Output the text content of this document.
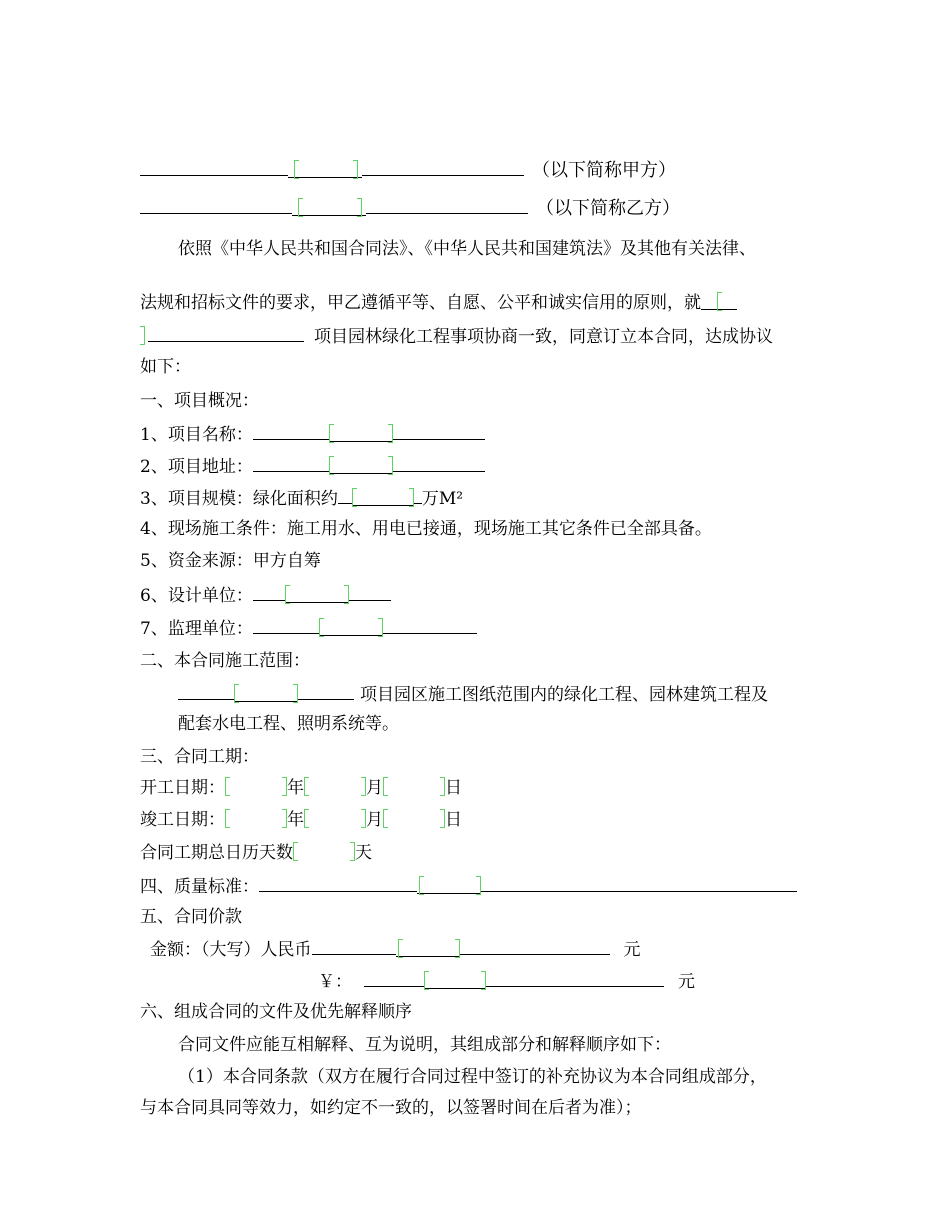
（以下简称甲方）
（以下简称乙方）
依照《中华人民共和国合同法》、《中华人民共和国建筑法》及其他有关法律、
法规和招标文件的要求，甲乙遵循平等、自愿、公平和诚实信用的原则，就
项目园林绿化工程事项协商一致，同意订立本合同，达成协议
如下：
一、项目概况：
1、项目名称：
2、项目地址：
3、项目规模：绿化面积约	万M²
4、现场施工条件：施工用水、用电已接通，现场施工其它条件已全部具备。
5、资金来源：甲方自筹
6、设计单位：
7、监理单位：
二、本合同施工范围：
项目园区施工图纸范围内的绿化工程、园林建筑工程及
配套水电工程、照明系统等。
三、合同工期：
开工日期：	年	月	日
竣工日期：	年	月	日
合同工期总日历天数	天
四、质量标准：
五、合同价款
金额：（大写）人民币	元
￥：	元
六、组成合同的文件及优先解释顺序
合同文件应能互相解释、互为说明，其组成部分和解释顺序如下：
（1）本合同条款（双方在履行合同过程中签订的补充协议为本合同组成部分，
与本合同具同等效力，如约定不一致的，以签署时间在后者为准）；
